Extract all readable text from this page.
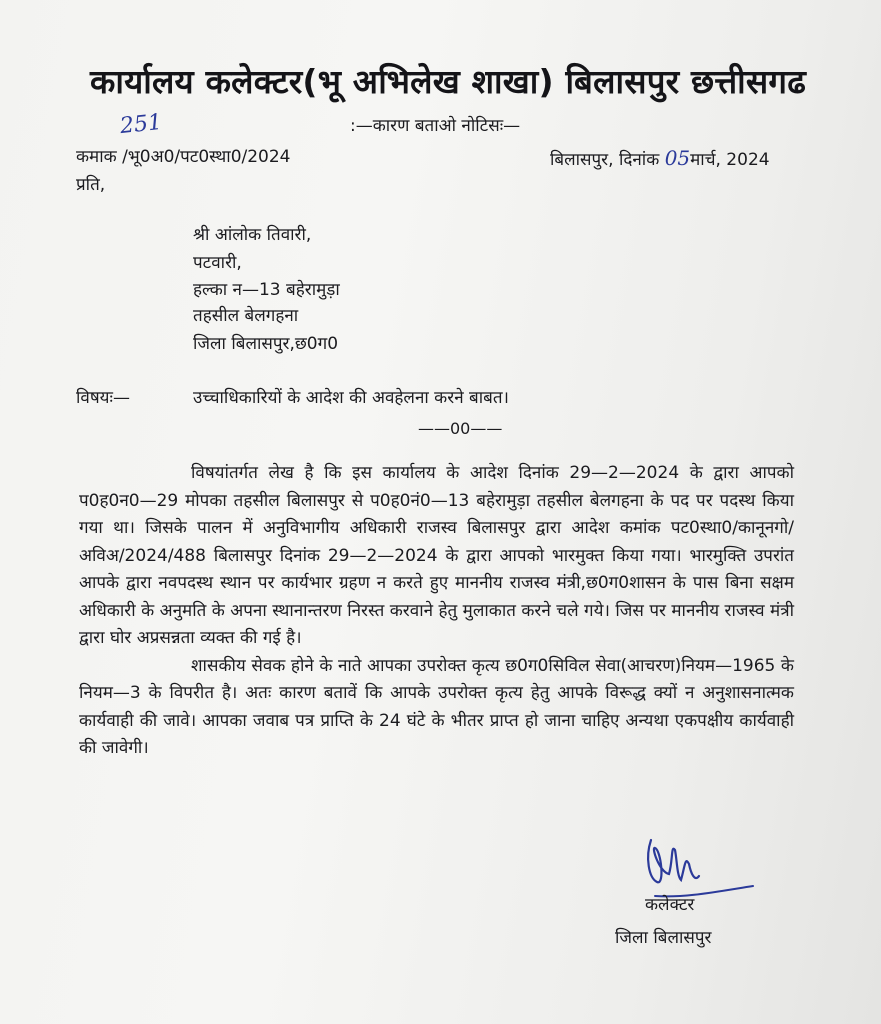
कार्यालय कलेक्टर(भू अभिलेख शाखा) बिलासपुर छत्तीसगढ
251	:—कारण बताओ नोटिसः—
कमाक /भू0अ0/पट0स्था0/2024	बिलासपुर, दिनांक 05मार्च, 2024
प्रति,
श्री आंलोक तिवारी,
पटवारी,
हल्का न—13 बहेरामुड़ा
तहसील बेलगहना
जिला बिलासपुर,छ0ग0
विषयः—	उच्चाधिकारियों के आदेश की अवहेलना करने बाबत।
——00——

विषयांतर्गत लेख है कि इस कार्यालय के आदेश दिनांक 29—2—2024 के द्वारा आपको प0ह0न0—29 मोपका तहसील बिलासपुर से प0ह0नं0—13 बहेरामुड़ा तहसील बेलगहना के पद पर पदस्थ किया गया था। जिसके पालन में अनुविभागीय अधिकारी राजस्व बिलासपुर द्वारा आदेश कमांक पट0स्था0/कानूनगो/अविअ/2024/488 बिलासपुर दिनांक 29—2—2024 के द्वारा आपको भारमुक्त किया गया। भारमुक्ति उपरांत आपके द्वारा नवपदस्थ स्थान पर कार्यभार ग्रहण न करते हुए माननीय राजस्व मंत्री,छ0ग0शासन के पास बिना सक्षम अधिकारी के अनुमति के अपना स्थानान्तरण निरस्त करवाने हेतु मुलाकात करने चले गये। जिस पर माननीय राजस्व मंत्री द्वारा घोर अप्रसन्नता व्यक्त की गई है।

शासकीय सेवक होने के नाते आपका उपरोक्त कृत्य छ0ग0सिविल सेवा(आचरण)नियम—1965 के नियम—3 के विपरीत है। अतः कारण बतावें कि आपके उपरोक्त कृत्य हेतु आपके विरूद्ध क्यों न अनुशासनात्मक कार्यवाही की जावे। आपका जवाब पत्र प्राप्ति के 24 घंटे के भीतर प्राप्त हो जाना चाहिए अन्यथा एकपक्षीय कार्यवाही की जावेगी।

कलेक्टर
जिला बिलासपुर
